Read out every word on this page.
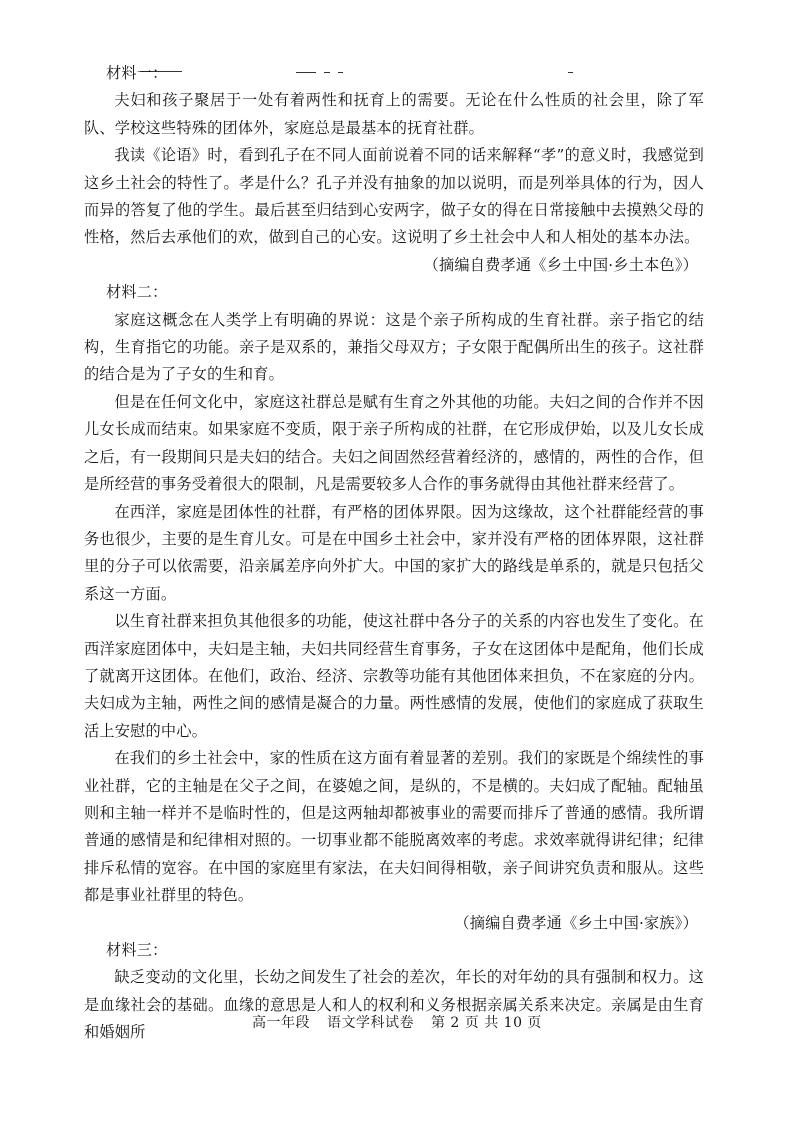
材料一：

夫妇和孩子聚居于一处有着两性和抚育上的需要。无论在什么性质的社会里，除了军队、学校这些特殊的团体外，家庭总是最基本的抚育社群。

我读《论语》时，看到孔子在不同人面前说着不同的话来解释“孝”的意义时，我感觉到这乡土社会的特性了。孝是什么？孔子并没有抽象的加以说明，而是列举具体的行为，因人而异的答复了他的学生。最后甚至归结到心安两字，做子女的得在日常接触中去摸熟父母的性格，然后去承他们的欢，做到自己的心安。这说明了乡土社会中人和人相处的基本办法。

（摘编自费孝通《乡土中国·乡土本色》）

材料二：

家庭这概念在人类学上有明确的界说：这是个亲子所构成的生育社群。亲子指它的结构，生育指它的功能。亲子是双系的，兼指父母双方；子女限于配偶所出生的孩子。这社群的结合是为了子女的生和育。

但是在任何文化中，家庭这社群总是赋有生育之外其他的功能。夫妇之间的合作并不因儿女长成而结束。如果家庭不变质，限于亲子所构成的社群，在它形成伊始，以及儿女长成之后，有一段期间只是夫妇的结合。夫妇之间固然经营着经济的，感情的，两性的合作，但是所经营的事务受着很大的限制，凡是需要较多人合作的事务就得由其他社群来经营了。

在西洋，家庭是团体性的社群，有严格的团体界限。因为这缘故，这个社群能经营的事务也很少，主要的是生育儿女。可是在中国乡土社会中，家并没有严格的团体界限，这社群里的分子可以依需要，沿亲属差序向外扩大。中国的家扩大的路线是单系的，就是只包括父系这一方面。

以生育社群来担负其他很多的功能，使这社群中各分子的关系的内容也发生了变化。在西洋家庭团体中，夫妇是主轴，夫妇共同经营生育事务，子女在这团体中是配角，他们长成了就离开这团体。在他们，政治、经济、宗教等功能有其他团体来担负，不在家庭的分内。夫妇成为主轴，两性之间的感情是凝合的力量。两性感情的发展，使他们的家庭成了获取生活上安慰的中心。

在我们的乡土社会中，家的性质在这方面有着显著的差别。我们的家既是个绵续性的事业社群，它的主轴是在父子之间，在婆媳之间，是纵的，不是横的。夫妇成了配轴。配轴虽则和主轴一样并不是临时性的，但是这两轴却都被事业的需要而排斥了普通的感情。我所谓普通的感情是和纪律相对照的。一切事业都不能脱离效率的考虑。求效率就得讲纪律；纪律排斥私情的宽容。在中国的家庭里有家法，在夫妇间得相敬，亲子间讲究负责和服从。这些都是事业社群里的特色。

（摘编自费孝通《乡土中国·家族》）

材料三：

缺乏变动的文化里，长幼之间发生了社会的差次，年长的对年幼的具有强制和权力。这是血缘社会的基础。血缘的意思是人和人的权利和义务根据亲属关系来决定。亲属是由生育和婚姻所

高一年段 语文学科试卷 第 2 页 共 10 页
